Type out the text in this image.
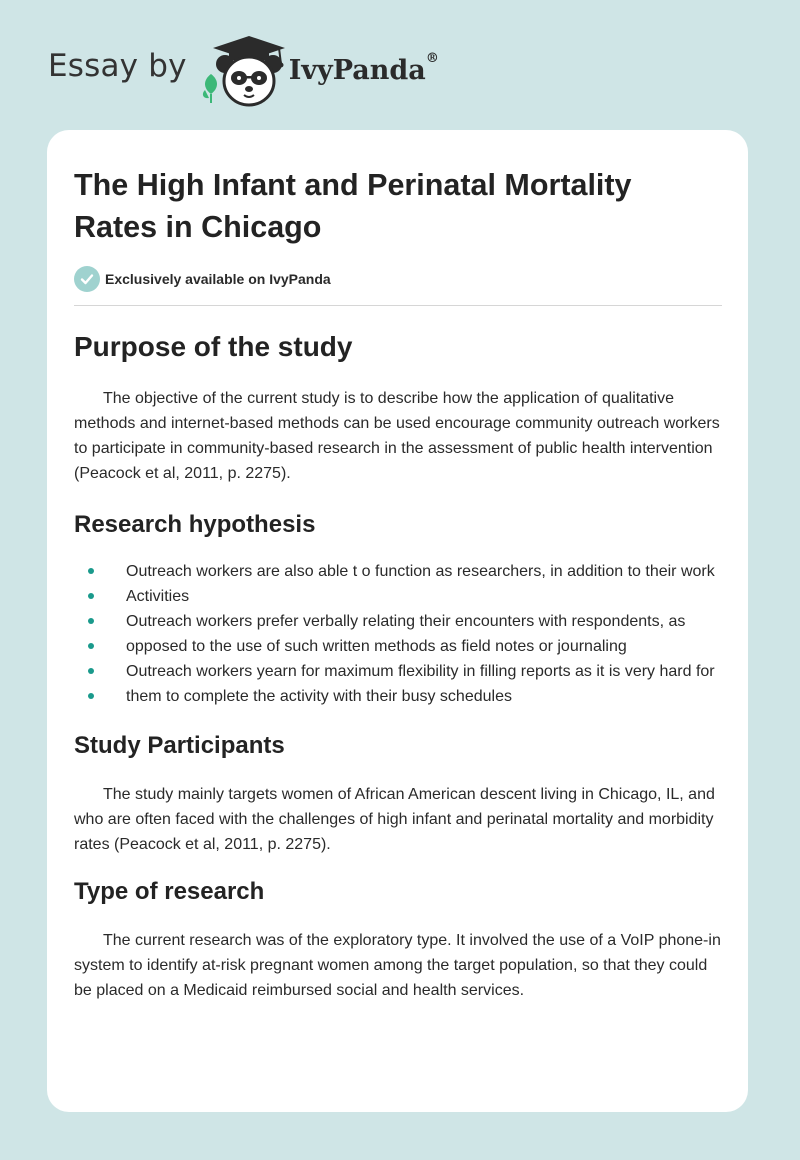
Essay by	IvyPanda®
The High Infant and Perinatal Mortality Rates in Chicago
Exclusively available on IvyPanda
Purpose of the study

The objective of the current study is to describe how the application of qualitative methods and internet-based methods can be used encourage community outreach workers to participate in community-based research in the assessment of public health intervention (Peacock et al, 2011, p. 2275).

Research hypothesis
Outreach workers are also able t o function as researchers, in addition to their work
Activities
Outreach workers prefer verbally relating their encounters with respondents, as
opposed to the use of such written methods as field notes or journaling
Outreach workers yearn for maximum flexibility in filling reports as it is very hard for
them to complete the activity with their busy schedules
Study Participants

The study mainly targets women of African American descent living in Chicago, IL, and who are often faced with the challenges of high infant and perinatal mortality and morbidity rates (Peacock et al, 2011, p. 2275).

Type of research

The current research was of the exploratory type. It involved the use of a VoIP phone-in system to identify at-risk pregnant women among the target population, so that they could be placed on a Medicaid reimbursed social and health services.
